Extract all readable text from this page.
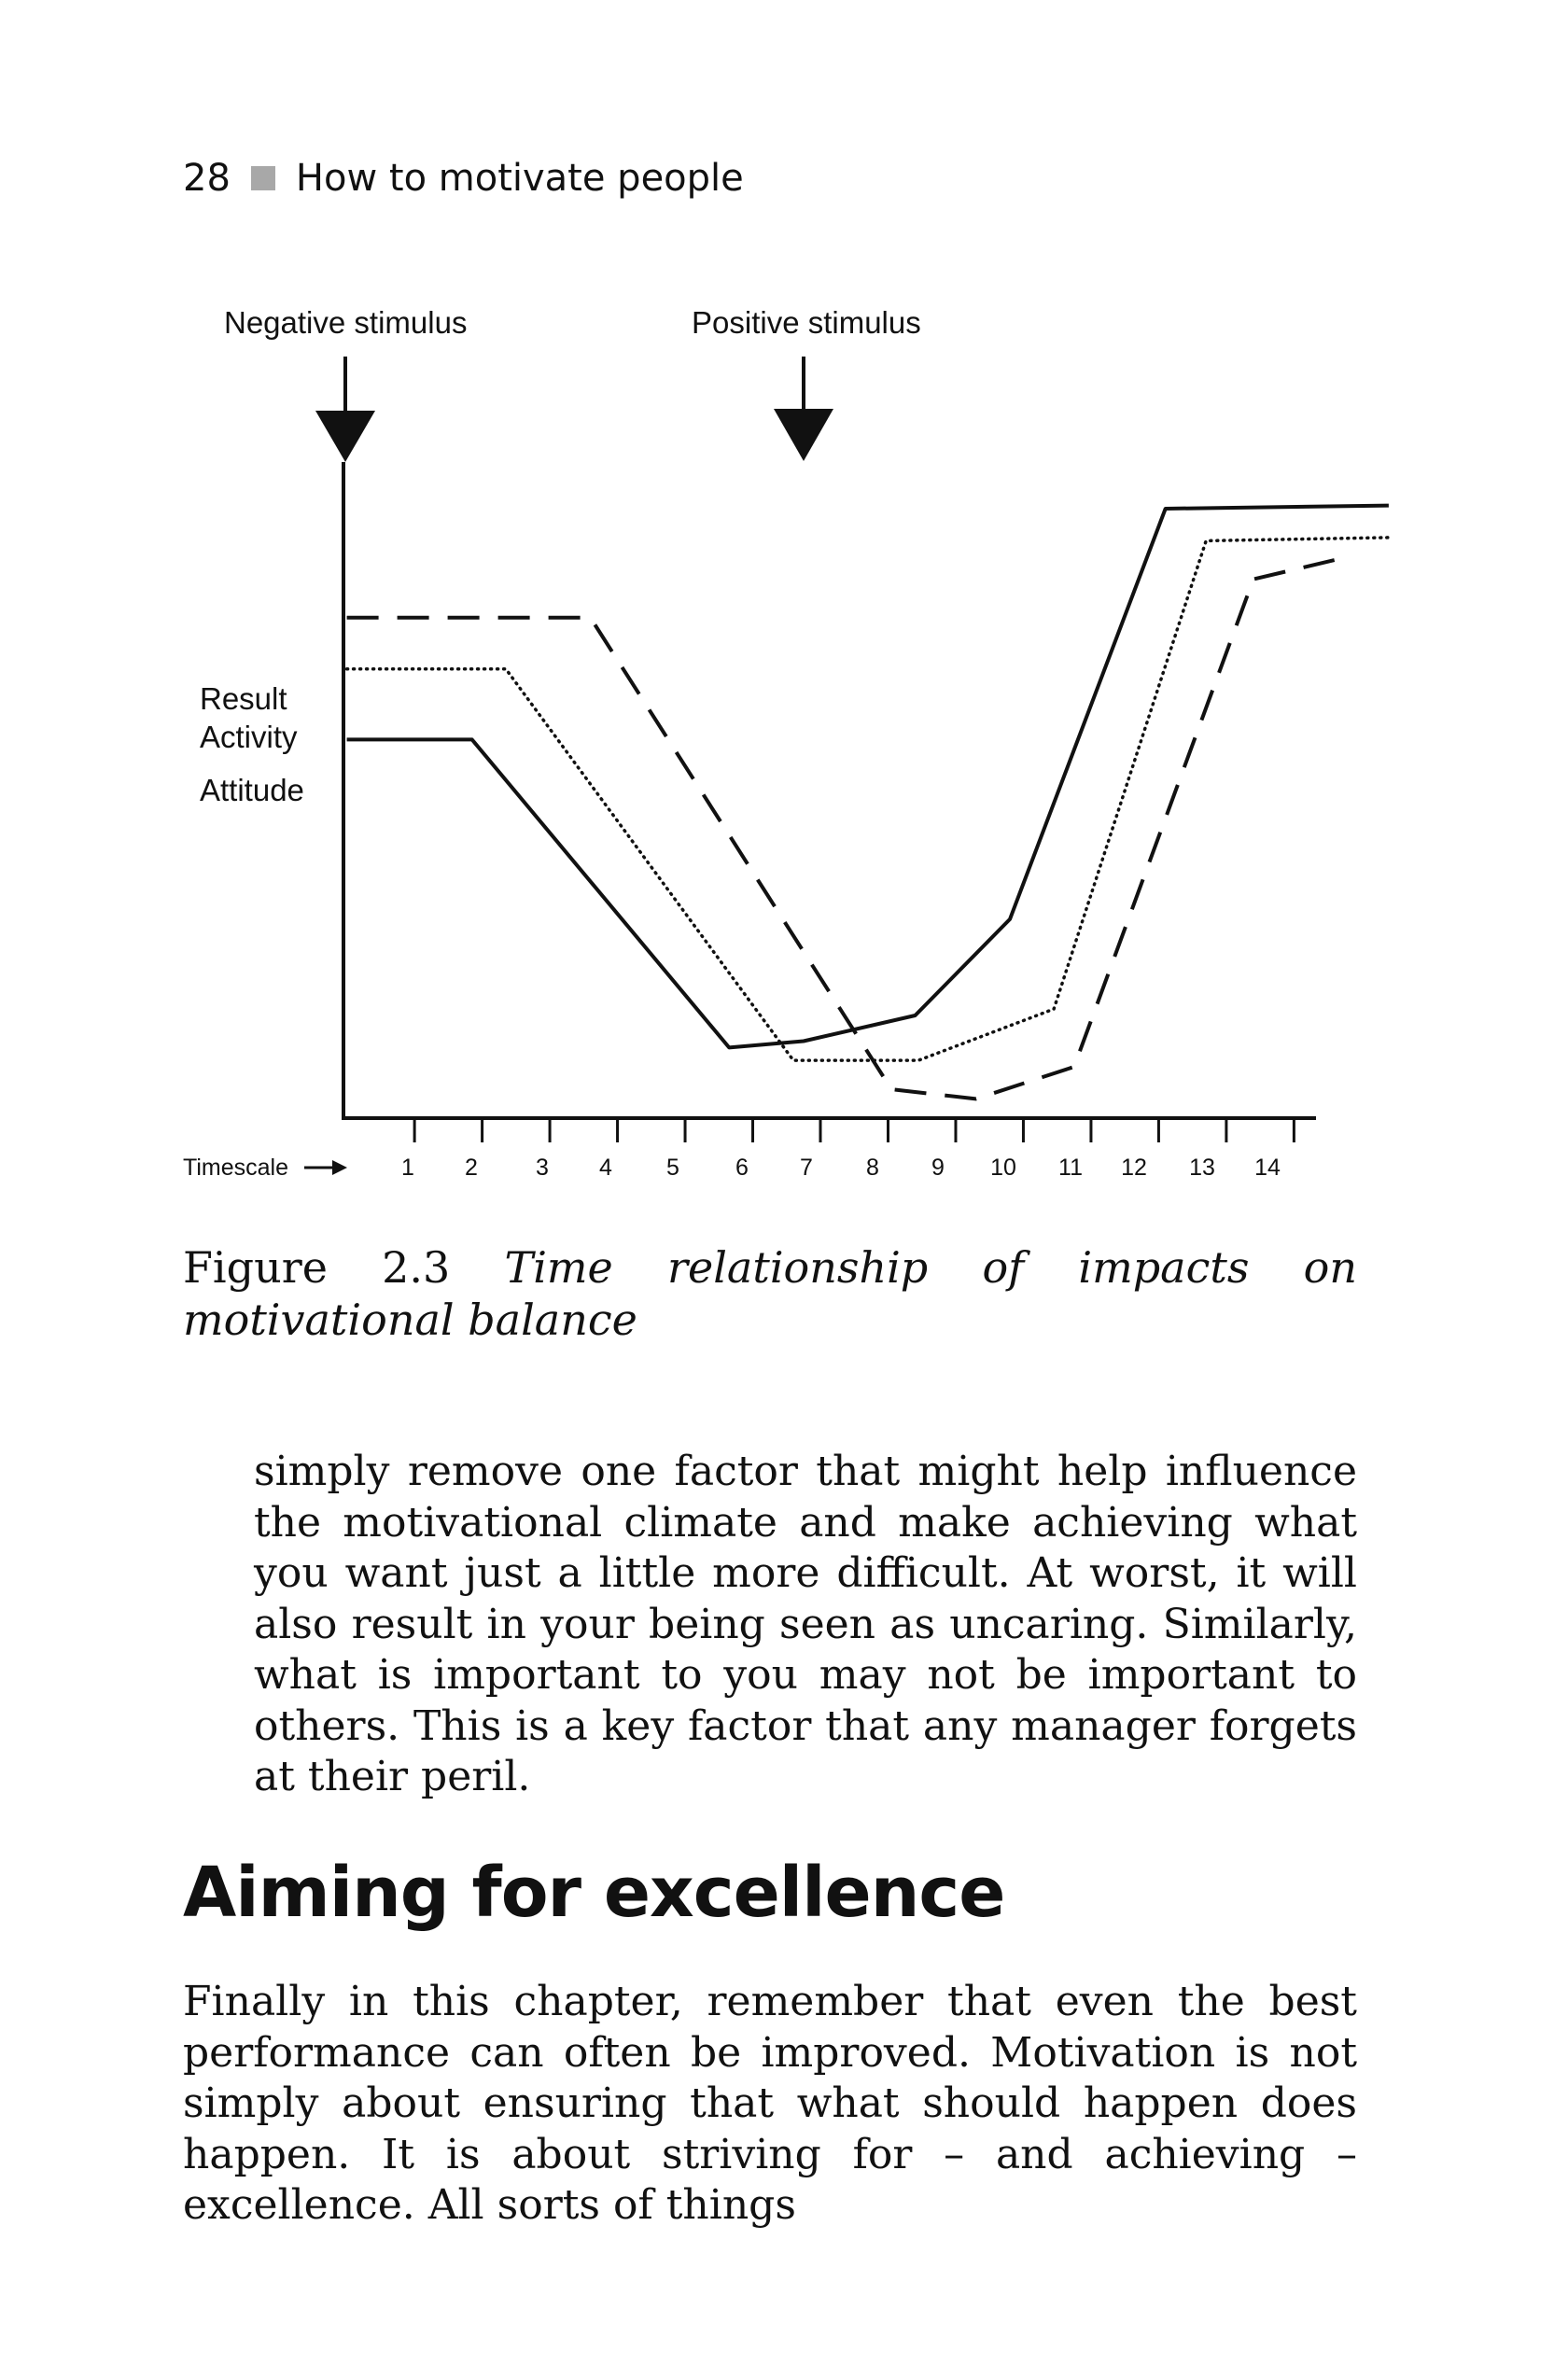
28 How to motivate people
Negative stimulus	Positive stimulus
1 2 3 4 5 6 7 8 9 10 11 12 13 14
Timescale
Result
Activity
Attitude
Figure 2.3 Time relationship of impacts on motivational balance

simply remove one factor that might help influence the motivational climate and make achieving what you want just a little more difficult. At worst, it will also result in your being seen as uncaring. Similarly, what is important to you may not be important to others. This is a key factor that any manager forgets at their peril.

Aiming for excellence

Finally in this chapter, remember that even the best performance can often be improved. Motivation is not simply about ensuring that what should happen does happen. It is about striving for – and achieving – excellence. All sorts of things
